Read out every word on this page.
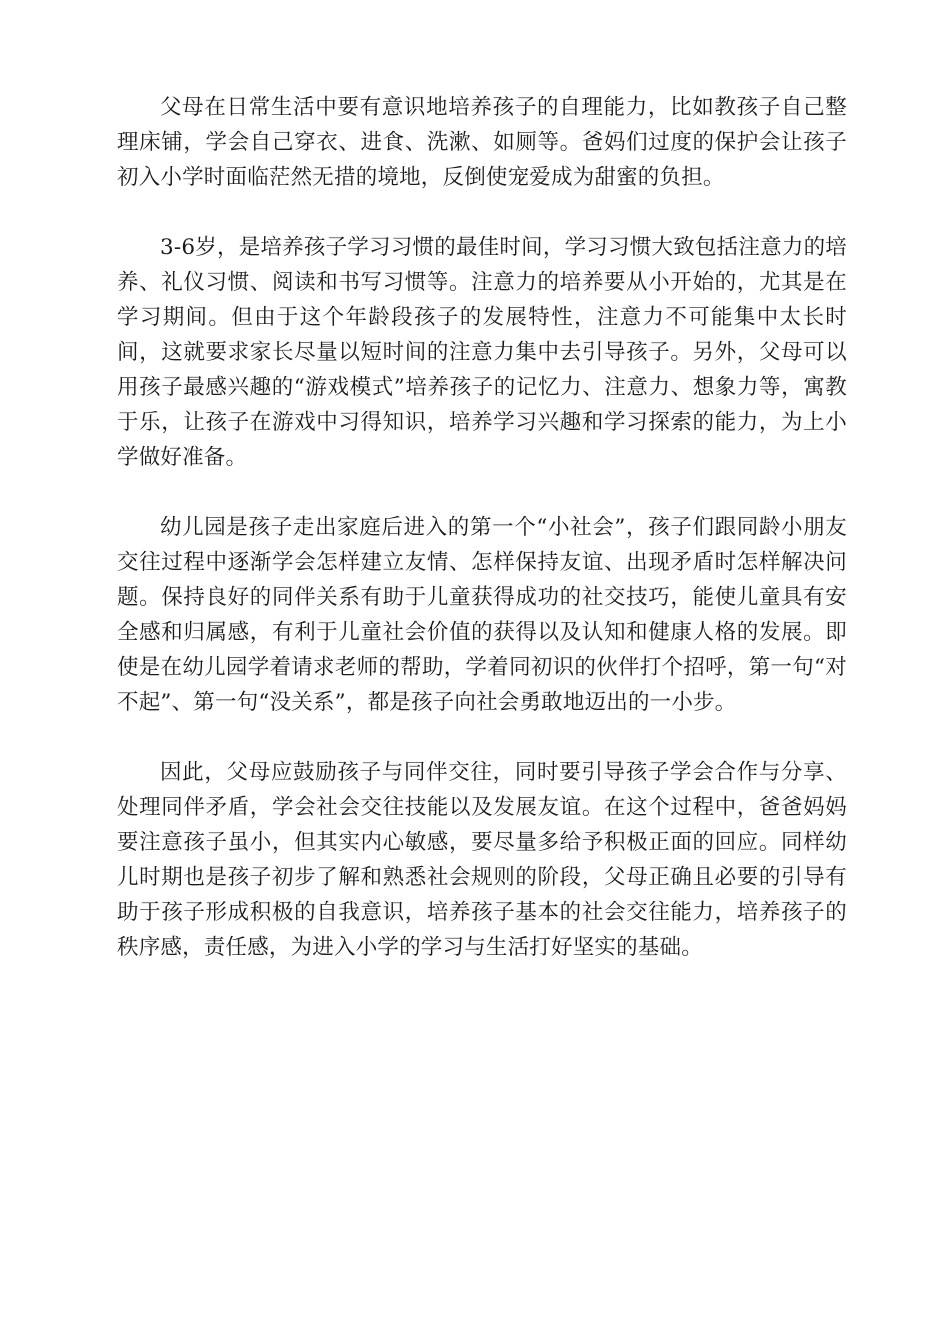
父母在日常生活中要有意识地培养孩子的自理能力，比如教孩子自己整理床铺，学会自己穿衣、进食、洗漱、如厕等。爸妈们过度的保护会让孩子初入小学时面临茫然无措的境地，反倒使宠爱成为甜蜜的负担。

3-6岁，是培养孩子学习习惯的最佳时间，学习习惯大致包括注意力的培养、礼仪习惯、阅读和书写习惯等。注意力的培养要从小开始的，尤其是在学习期间。但由于这个年龄段孩子的发展特性，注意力不可能集中太长时间，这就要求家长尽量以短时间的注意力集中去引导孩子。另外，父母可以用孩子最感兴趣的“游戏模式”培养孩子的记忆力、注意力、想象力等，寓教于乐，让孩子在游戏中习得知识，培养学习兴趣和学习探索的能力，为上小学做好准备。

幼儿园是孩子走出家庭后进入的第一个“小社会”，孩子们跟同龄小朋友交往过程中逐渐学会怎样建立友情、怎样保持友谊、出现矛盾时怎样解决问题。保持良好的同伴关系有助于儿童获得成功的社交技巧，能使儿童具有安全感和归属感，有利于儿童社会价值的获得以及认知和健康人格的发展。即使是在幼儿园学着请求老师的帮助，学着同初识的伙伴打个招呼，第一句“对不起”、第一句“没关系”，都是孩子向社会勇敢地迈出的一小步。

因此，父母应鼓励孩子与同伴交往，同时要引导孩子学会合作与分享、处理同伴矛盾，学会社会交往技能以及发展友谊。在这个过程中，爸爸妈妈要注意孩子虽小，但其实内心敏感，要尽量多给予积极正面的回应。同样幼儿时期也是孩子初步了解和熟悉社会规则的阶段，父母正确且必要的引导有助于孩子形成积极的自我意识，培养孩子基本的社会交往能力，培养孩子的秩序感，责任感，为进入小学的学习与生活打好坚实的基础。
